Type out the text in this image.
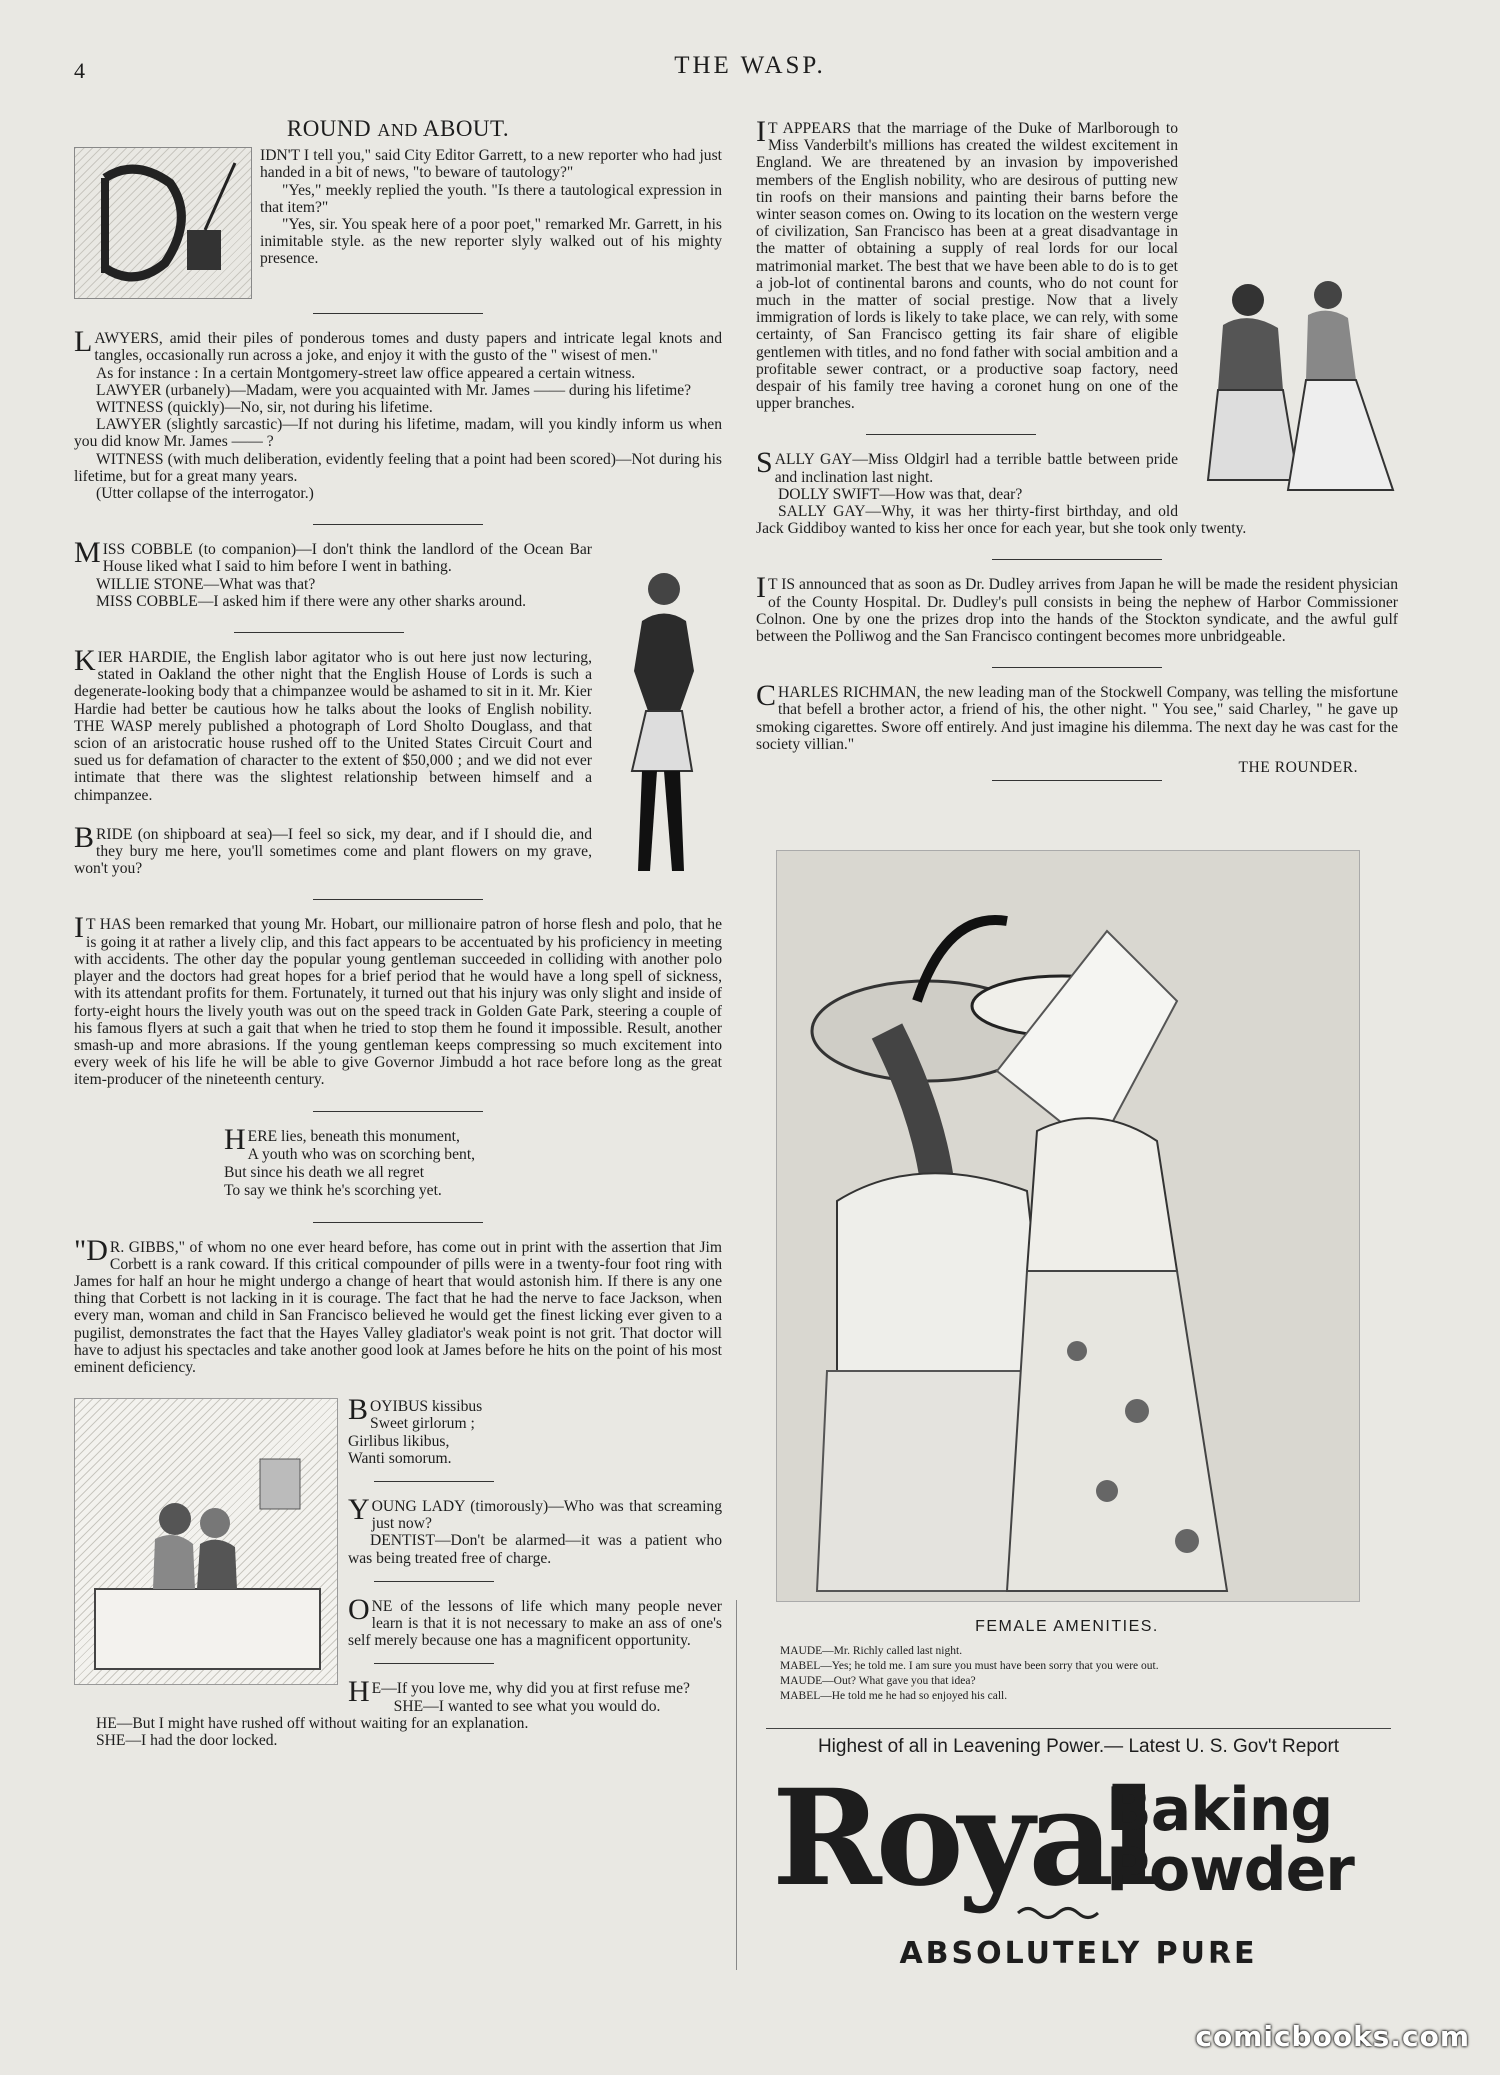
4	THE WASP.
ROUND AND ABOUT.

IDN'T I tell you," said City Editor Garrett, to a new reporter who had just handed in a bit of news, "to beware of tautology?"

"Yes," meekly replied the youth. "Is there a tautological expression in that item?"

"Yes, sir. You speak here of a poor poet," remarked Mr. Garrett, in his inimitable style. as the new reporter slyly walked out of his mighty presence.

LAWYERS, amid their piles of ponderous tomes and dusty papers and intricate legal knots and tangles, occasionally run across a joke, and enjoy it with the gusto of the " wisest of men."

As for instance : In a certain Montgomery-street law office appeared a certain witness.

LAWYER (urbanely)—Madam, were you acquainted with Mr. James —— during his lifetime?

WITNESS (quickly)—No, sir, not during his lifetime.

LAWYER (slightly sarcastic)—If not during his lifetime, madam, will you kindly inform us when you did know Mr. James —— ?

WITNESS (with much deliberation, evidently feeling that a point had been scored)—Not during his lifetime, but for a great many years.

(Utter collapse of the interrogator.)

MISS COBBLE (to companion)—I don't think the landlord of the Ocean Bar House liked what I said to him before I went in bathing.

WILLIE STONE—What was that?

MISS COBBLE—I asked him if there were any other sharks around.

KIER HARDIE, the English labor agitator who is out here just now lecturing, stated in Oakland the other night that the English House of Lords is such a degenerate-looking body that a chimpanzee would be ashamed to sit in it. Mr. Kier Hardie had better be cautious how he talks about the looks of English nobility. THE WASP merely published a photograph of Lord Sholto Douglass, and that scion of an aristocratic house rushed off to the United States Circuit Court and sued us for defamation of character to the extent of $50,000 ; and we did not ever intimate that there was the slightest relationship between himself and a chimpanzee.

BRIDE (on shipboard at sea)—I feel so sick, my dear, and if I should die, and they bury me here, you'll sometimes come and plant flowers on my grave, won't you?

I T HAS been remarked that young Mr. Hobart, our millionaire patron of horse flesh and polo, that he is going it at rather a lively clip, and this fact appears to be accentuated by his proficiency in meeting with accidents. The other day the popular young gentleman succeeded in colliding with another polo player and the doctors had great hopes for a brief period that he would have a long spell of sickness, with its attendant profits for them. Fortunately, it turned out that his injury was only slight and inside of forty-eight hours the lively youth was out on the speed track in Golden Gate Park, steering a couple of his famous flyers at such a gait that when he tried to stop them he found it impossible. Result, another smash-up and more abrasions. If the young gentleman keeps compressing so much excitement into every week of his life he will be able to give Governor Jimbudd a hot race before long as the great item-producer of the nineteenth century.

HERE lies, beneath this monument,
A youth who was on scorching bent,
But since his death we all regret
To say we think he's scorching yet.

"D R. GIBBS," of whom no one ever heard before, has come out in print with the assertion that Jim Corbett is a rank coward. If this critical compounder of pills were in a twenty-four foot ring with James for half an hour he might undergo a change of heart that would astonish him. If there is any one thing that Corbett is not lacking in it is courage. The fact that he had the nerve to face Jackson, when every man, woman and child in San Francisco believed he would get the finest licking ever given to a pugilist, demonstrates the fact that the Hayes Valley gladiator's weak point is not grit. That doctor will have to adjust his spectacles and take another good look at James before he hits on the point of his most eminent deficiency.

BOYIBUS kissibus
Sweet girlorum ;
Girlibus likibus,
Wanti somorum.

YOUNG LADY (timorously)—Who was that screaming just now?

DENTIST—Don't be alarmed—it was a patient who was being treated free of charge.

ONE of the lessons of life which many people never learn is that it is not necessary to make an ass of one's self merely because one has a magnificent opportunity.

H E—If you love me, why did you at first refuse me?

SHE—I wanted to see what you would do.

HE—But I might have rushed off without waiting for an explanation.

SHE—I had the door locked.

I T APPEARS that the marriage of the Duke of Marlborough to Miss Vanderbilt's millions has created the wildest excitement in England. We are threatened by an invasion by impoverished members of the English nobility, who are desirous of putting new tin roofs on their mansions and painting their barns before the winter season comes on. Owing to its location on the western verge of civilization, San Francisco has been at a great disadvantage in the matter of obtaining a supply of real lords for our local matrimonial market. The best that we have been able to do is to get a job-lot of continental barons and counts, who do not count for much in the matter of social prestige. Now that a lively immigration of lords is likely to take place, we can rely, with some certainty, of San Francisco getting its fair share of eligible gentlemen with titles, and no fond father with social ambition and a profitable sewer contract, or a productive soap factory, need despair of his family tree having a coronet hung on one of the upper branches.

SALLY GAY—Miss Oldgirl had a terrible battle between pride and inclination last night.

DOLLY SWIFT—How was that, dear?

SALLY GAY—Why, it was her thirty-first birthday, and old Jack Giddiboy wanted to kiss her once for each year, but she took only twenty.

I T IS announced that as soon as Dr. Dudley arrives from Japan he will be made the resident physician of the County Hospital. Dr. Dudley's pull consists in being the nephew of Harbor Commissioner Colnon. One by one the prizes drop into the hands of the Stockton syndicate, and the awful gulf between the Polliwog and the San Francisco contingent becomes more unbridgeable.

CHARLES RICHMAN, the new leading man of the Stockwell Company, was telling the misfortune that befell a brother actor, a friend of his, the other night. " You see," said Charley, " he gave up smoking cigarettes. Swore off entirely. And just imagine his dilemma. The next day he was cast for the society villian."

THE ROUNDER.
FEMALE AMENITIES.
MAUDE—Mr. Richly called last night.
MABEL—Yes; he told me. I am sure you must have been sorry that you were out.
MAUDE—Out? What gave you that idea?
MABEL—He told me he had so enjoyed his call.
Highest of all in Leavening Power.— Latest U. S. Gov't Report
Royal
Baking
Powder
ABSOLUTELY PURE
comicbooks.com
